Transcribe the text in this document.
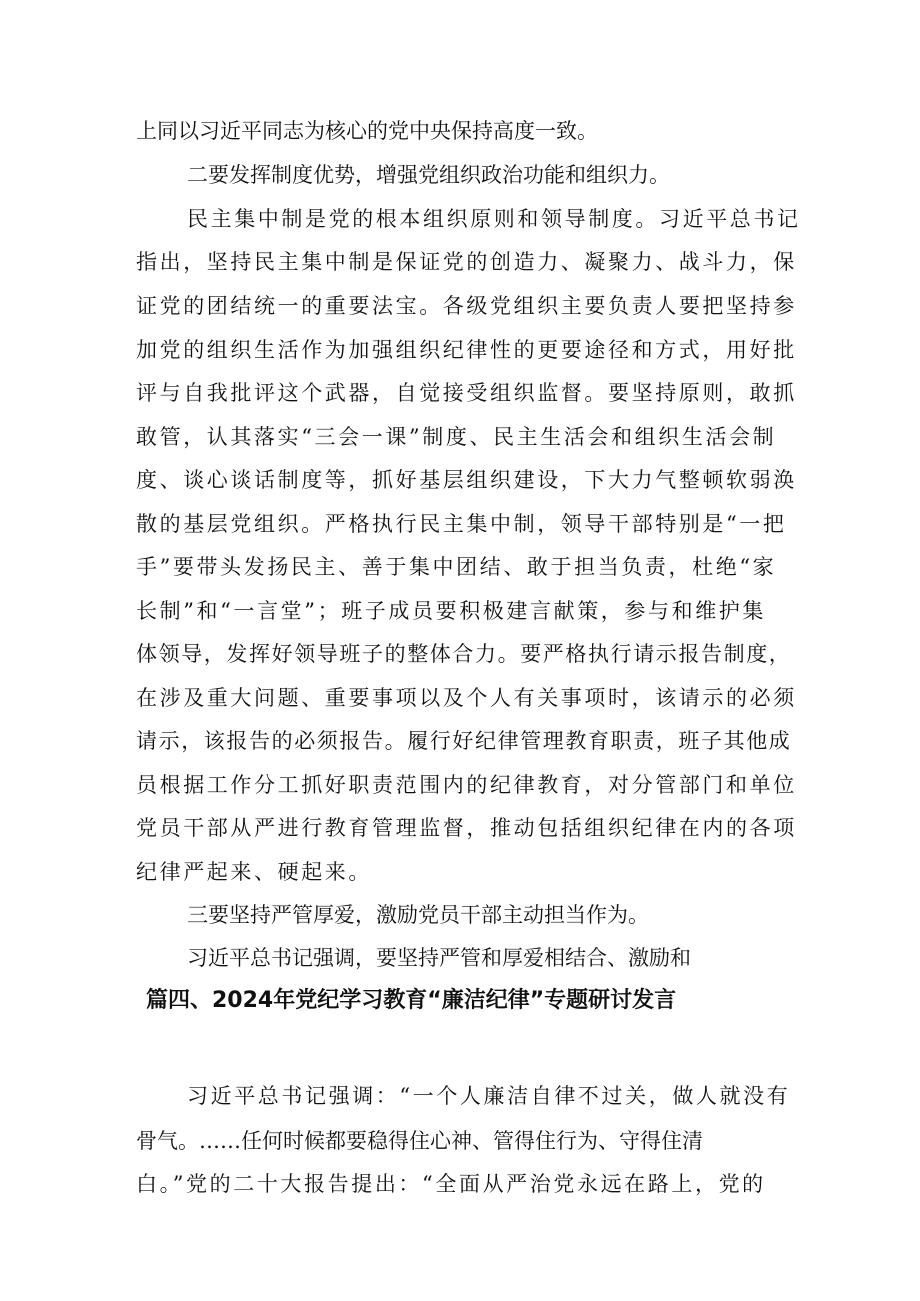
上同以习近平同志为核心的党中央保持高度一致。
二要发挥制度优势，增强党组织政治功能和组织力。
民主集中制是党的根本组织原则和领导制度。习近平总书记
指出，坚持民主集中制是保证党的创造力、凝聚力、战斗力，保
证党的团结统一的重要法宝。各级党组织主要负责人要把坚持参
加党的组织生活作为加强组织纪律性的更要途径和方式，用好批
评与自我批评这个武器，自觉接受组织监督。要坚持原则，敢抓
敢管，认其落实“三会一课”制度、民主生活会和组织生活会制
度、谈心谈话制度等，抓好基层组织建设，下大力气整顿软弱涣
散的基层党组织。严格执行民主集中制，领导干部特别是“一把
手”要带头发扬民主、善于集中团结、敢于担当负责，杜绝“家
长制”和“一言堂”；班子成员要积极建言献策，参与和维护集
体领导，发挥好领导班子的整体合力。要严格执行请示报告制度，
在涉及重大问题、重要事项以及个人有关事项时，该请示的必须
请示，该报告的必须报告。履行好纪律管理教育职责，班子其他成
员根据工作分工抓好职责范围内的纪律教育，对分管部门和单位
党员干部从严进行教育管理监督，推动包括组织纪律在内的各项
纪律严起来、硬起来。
三要坚持严管厚爱，激励党员干部主动担当作为。
习近平总书记强调，要坚持严管和厚爱相结合、激励和
篇四、2024年党纪学习教育“廉洁纪律”专题研讨发言
习近平总书记强调：“一个人廉洁自律不过关，做人就没有
骨气。……任何时候都要稳得住心神、管得住行为、守得住清
白。”党的二十大报告提出：“全面从严治党永远在路上，党的
